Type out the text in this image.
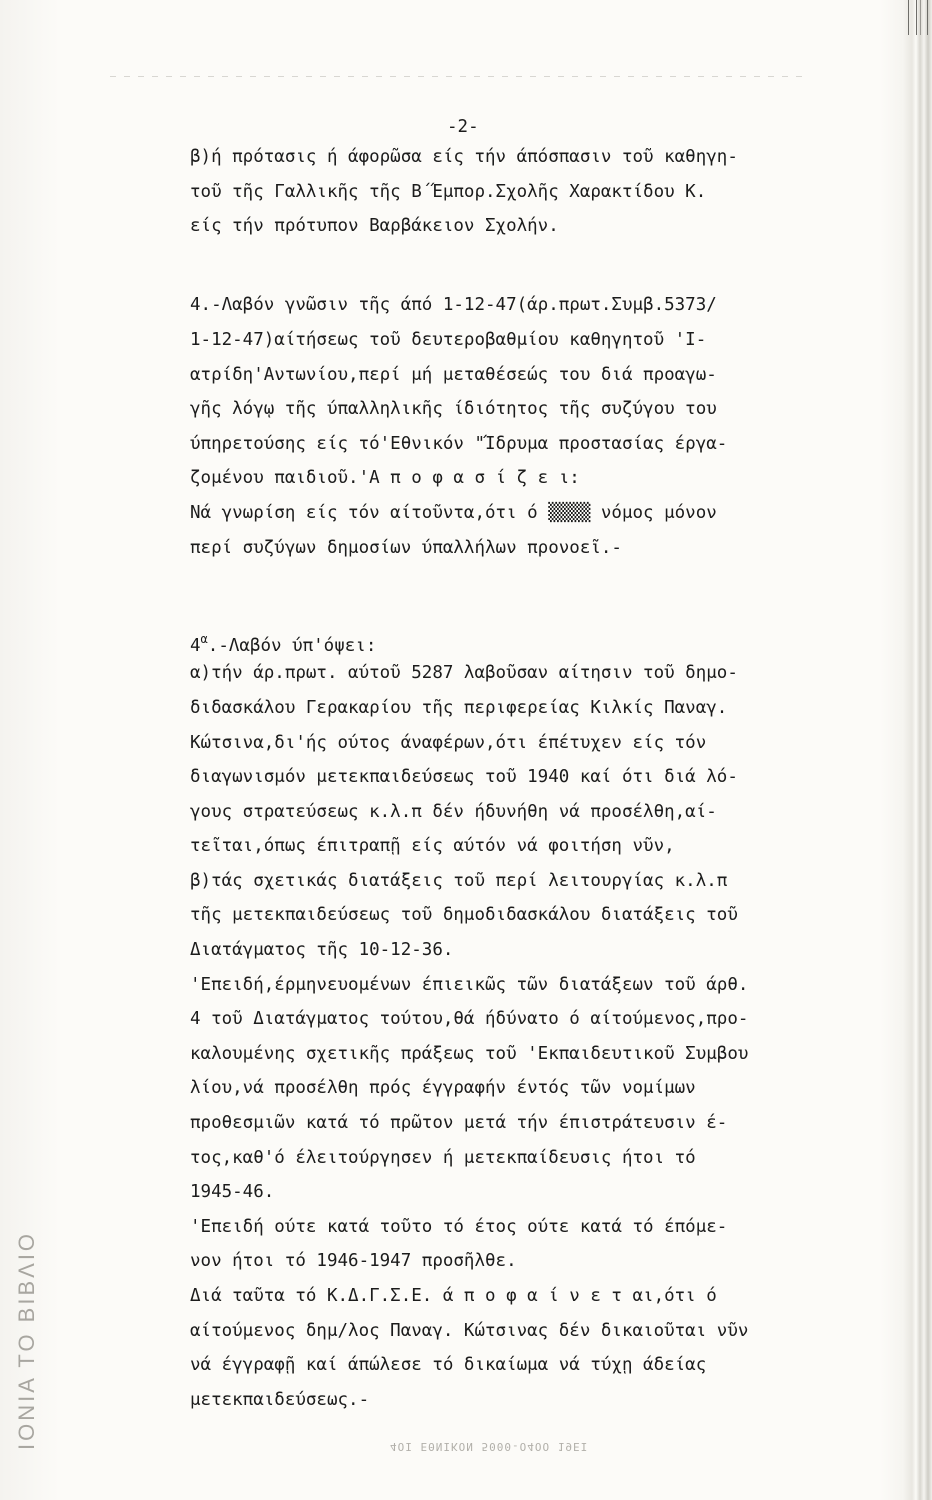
ΙΟΝΙΑ ΤΟ ΒΙΒΛΙΟ	4ΟΙ ΕΘΝΙΚΟΝ 5000-Ο4ΟΟ 19ΕΙ
-2-
β)ή πρότασις ή άφορῶσα είς τήν άπόσπασιν τοῦ καθηγη-
τοῦ τῆς Γαλλικῆς τῆς Β΄Έμπορ.Σχολῆς Χαρακτίδου Κ.
είς τήν πρότυπον Βαρβάκειον Σχολήν.
4.-Λαβόν γνῶσιν τῆς άπό 1-12-47(άρ.πρωτ.Συμβ.5373/
1-12-47)αίτήσεως τοῦ δευτεροβαθμίου καθηγητοῦ 'Ι-
ατρίδη'Αντωνίου,περί μή μεταθέσεώς του διά προαγω-
γῆς λόγῳ τῆς ύπαλληλικῆς ίδιότητος τῆς συζύγου του
ύπηρετούσης είς τό'Εθνικόν "Ίδρυμα προστασίας έργα-
ζομένου παιδιοῦ.'Α π ο φ α σ ί ζ ε ι:
Νά γνωρίση είς τόν αίτοῦντα,ότι ό ▒▒▒▒ νόμος μόνον
περί συζύγων δημοσίων ύπαλλήλων προνοεῖ.-
$4^\alpha$.-Λαβόν ύπ'όψει:
α)τήν άρ.πρωτ. αύτοῦ 5287 λαβοῦσαν αίτησιν τοῦ δημο-
διδασκάλου Γερακαρίου τῆς περιφερείας Κιλκίς Παναγ.
Κώτσινα,δι'ής ούτος άναφέρων,ότι έπέτυχεν είς τόν
διαγωνισμόν μετεκπαιδεύσεως τοῦ 1940 καί ότι διά λό-
γους στρατεύσεως κ.λ.π δέν ήδυνήθη νά προσέλθη,αί-
τεῖται,όπως έπιτραπῇ είς αύτόν νά φοιτήση νῦν,
β)τάς σχετικάς διατάξεις τοῦ περί λειτουργίας κ.λ.π
τῆς μετεκπαιδεύσεως τοῦ δημοδιδασκάλου διατάξεις τοῦ
Διατάγματος τῆς 10-12-36.
'Επειδή,έρμηνευομένων έπιεικῶς τῶν διατάξεων τοῦ άρθ.
4 τοῦ Διατάγματος τούτου,θά ήδύνατο ό αίτούμενος,προ-
καλουμένης σχετικῆς πράξεως τοῦ 'Εκπαιδευτικοῦ Συμβου
λίου,νά προσέλθη πρός έγγραφήν έντός τῶν νομίμων
προθεσμιῶν κατά τό πρῶτον μετά τήν έπιστράτευσιν έ-
τος,καθ'ό έλειτούργησεν ή μετεκπαίδευσις ήτοι τό
1945-46.
'Επειδή ούτε κατά τοῦτο τό έτος ούτε κατά τό έπόμε-
νον ήτοι τό 1946-1947 προσῆλθε.
Διά ταῦτα τό Κ.Δ.Γ.Σ.Ε. ά π ο φ α ί ν ε τ αι,ότι ό
αίτούμενος δημ/λος Παναγ. Κώτσινας δέν δικαιοῦται νῦν
νά έγγραφῇ καί άπώλεσε τό δικαίωμα νά τύχῃ άδείας
μετεκπαιδεύσεως.-
